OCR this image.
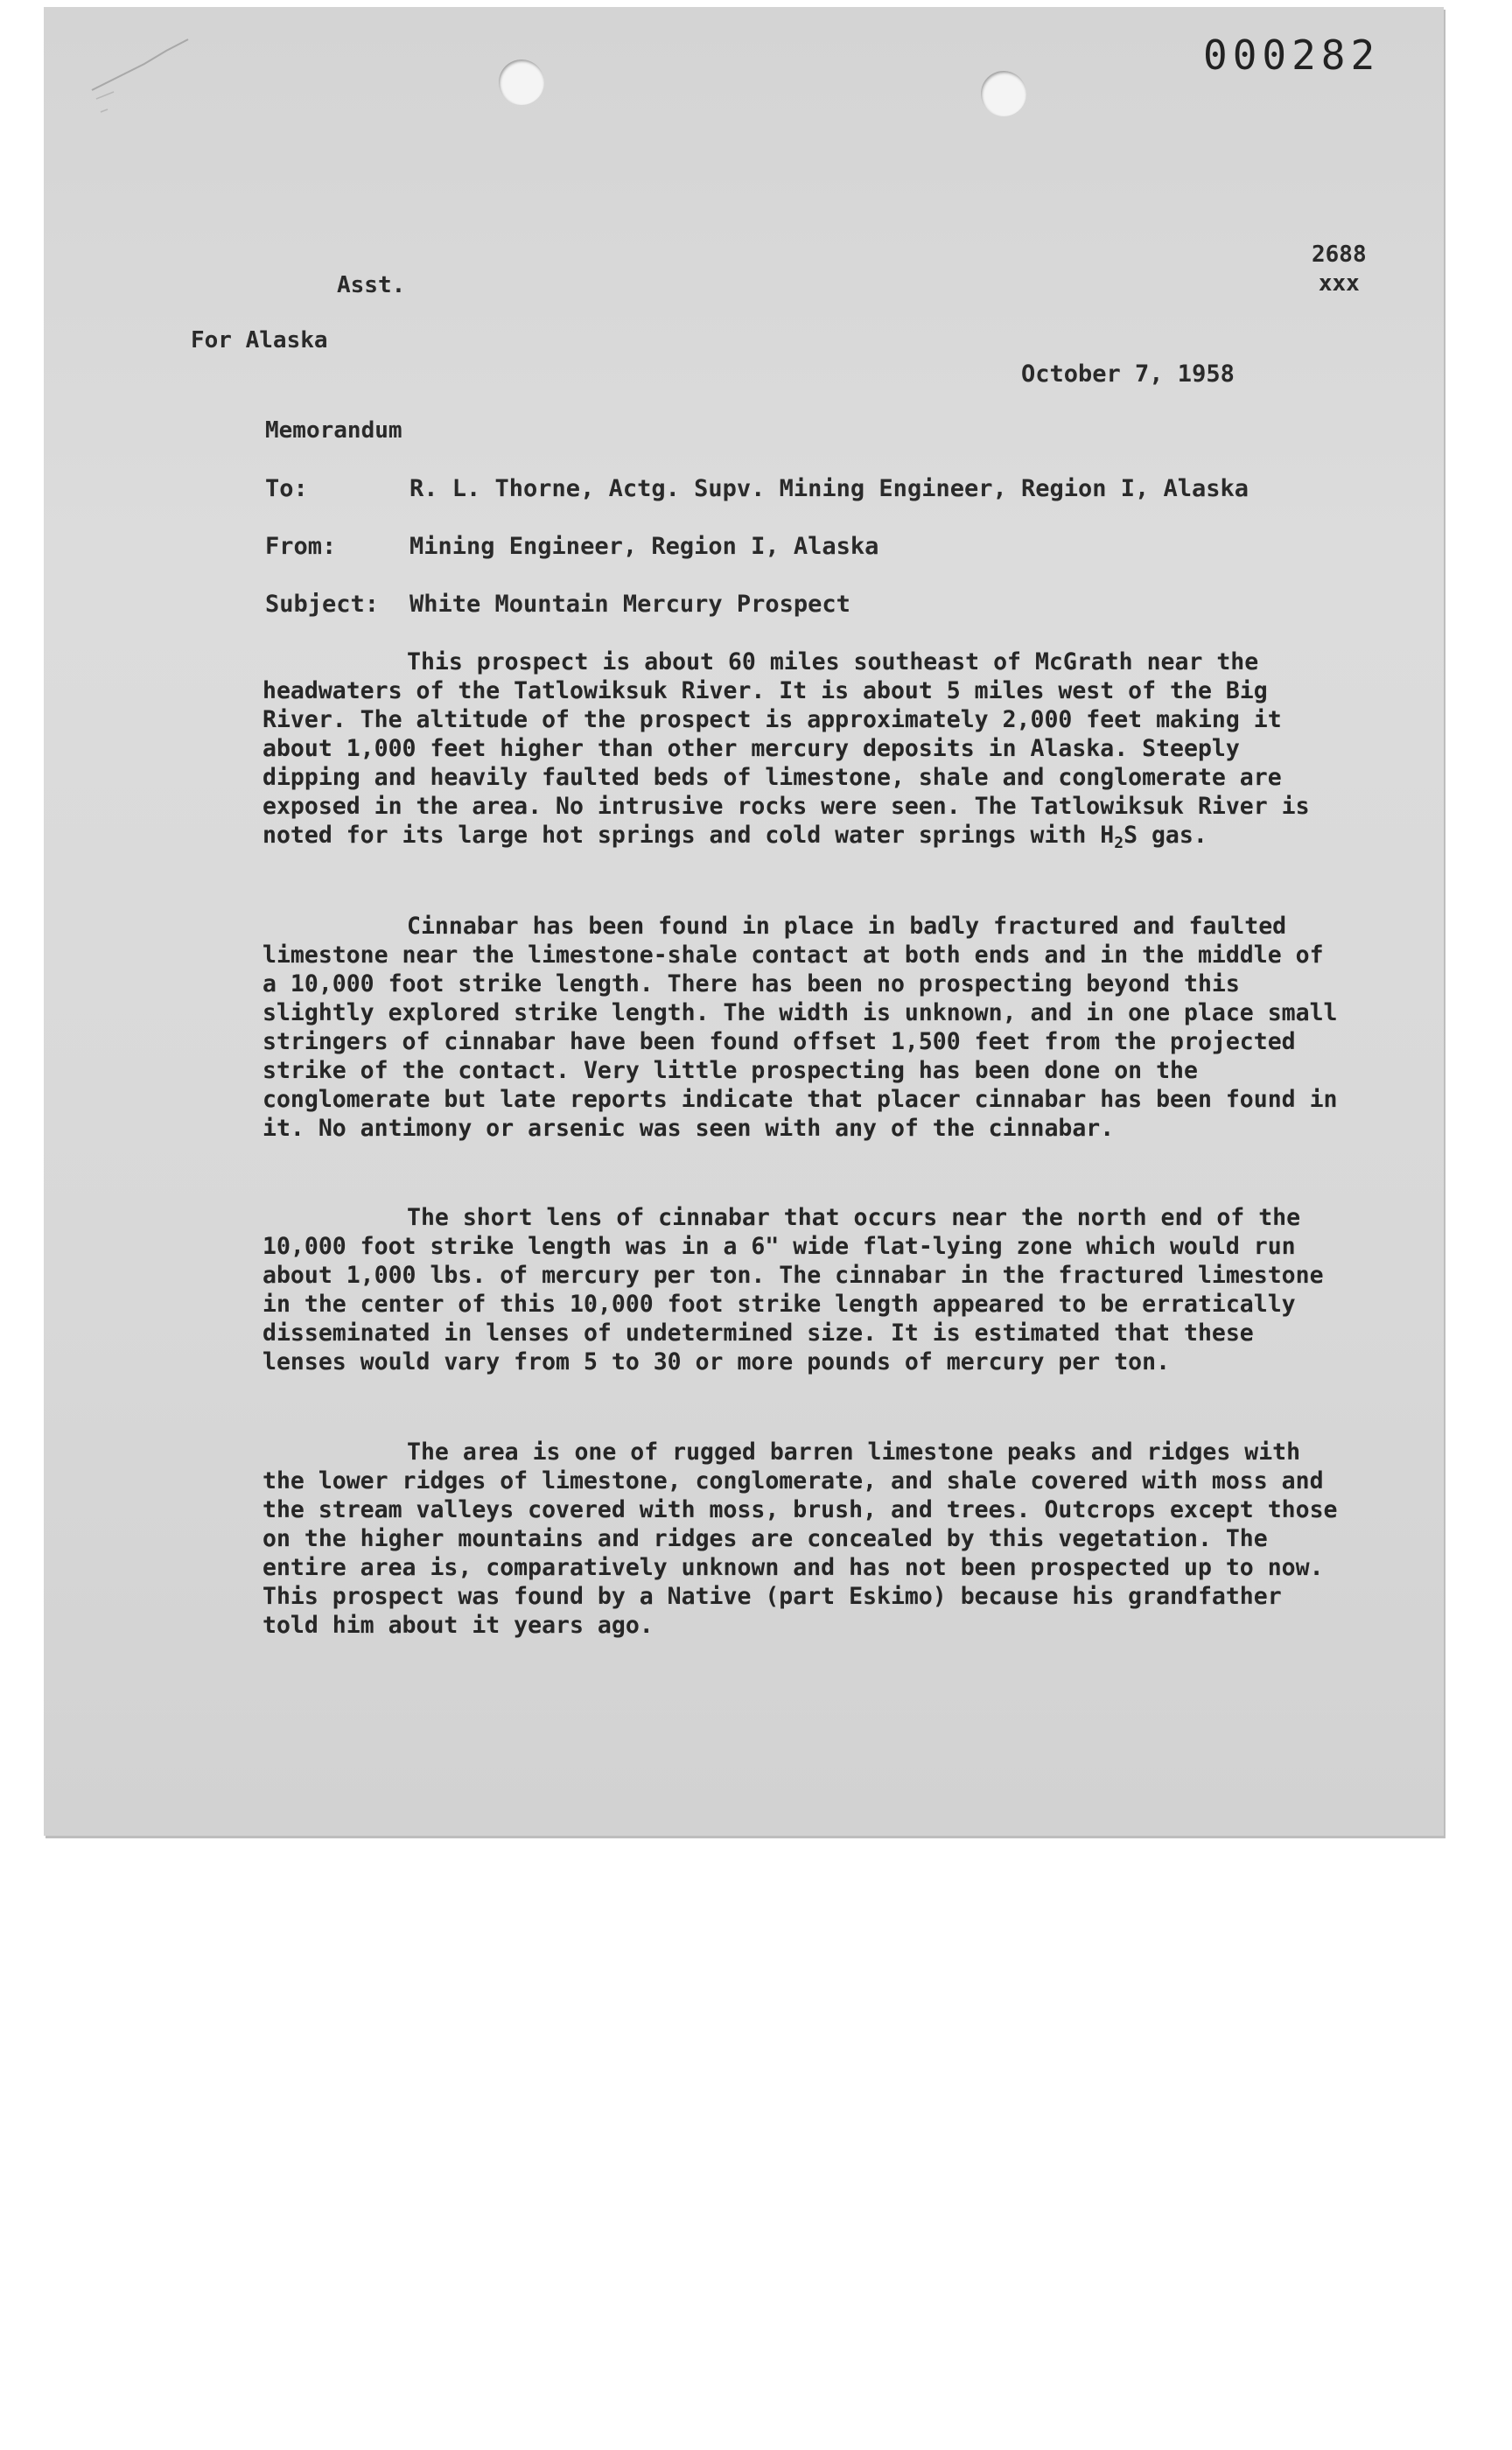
000282
2688
xxx
Asst.
For Alaska
October 7, 1958
Memorandum
To:	R. L. Thorne, Actg. Supv. Mining Engineer, Region I, Alaska
From:	Mining Engineer, Region I, Alaska
Subject: White Mountain Mercury Prospect
This prospect is about 60 miles southeast of McGrath near the headwaters of the Tatlowiksuk River. It is about 5 miles west of the Big River. The altitude of the prospect is approximately 2,000 feet making it about 1,000 feet higher than other mercury deposits in Alaska. Steeply dipping and heavily faulted beds of limestone, shale and conglomerate are exposed in the area. No intrusive rocks were seen. The Tatlowiksuk River is noted for its large hot springs and cold water springs with $H_2S$ gas.
Cinnabar has been found in place in badly fractured and faulted limestone near the limestone-shale contact at both ends and in the middle of a 10,000 foot strike length. There has been no prospecting beyond this slightly explored strike length. The width is unknown, and in one place small stringers of cinnabar have been found offset 1,500 feet from the projected strike of the contact. Very little prospecting has been done on the conglomerate but late reports indicate that placer cinnabar has been found in it. No antimony or arsenic was seen with any of the cinnabar.
The short lens of cinnabar that occurs near the north end of the 10,000 foot strike length was in a 6" wide flat-lying zone which would run about 1,000 lbs. of mercury per ton. The cinnabar in the fractured limestone in the center of this 10,000 foot strike length appeared to be erratically disseminated in lenses of undetermined size. It is estimated that these lenses would vary from 5 to 30 or more pounds of mercury per ton.
The area is one of rugged barren limestone peaks and ridges with the lower ridges of limestone, conglomerate, and shale covered with moss and the stream valleys covered with moss, brush, and trees. Outcrops except those on the higher mountains and ridges are concealed by this vegetation. The entire area is, comparatively unknown and has not been prospected up to now. This prospect was found by a Native (part Eskimo) because his grandfather told him about it years ago.
